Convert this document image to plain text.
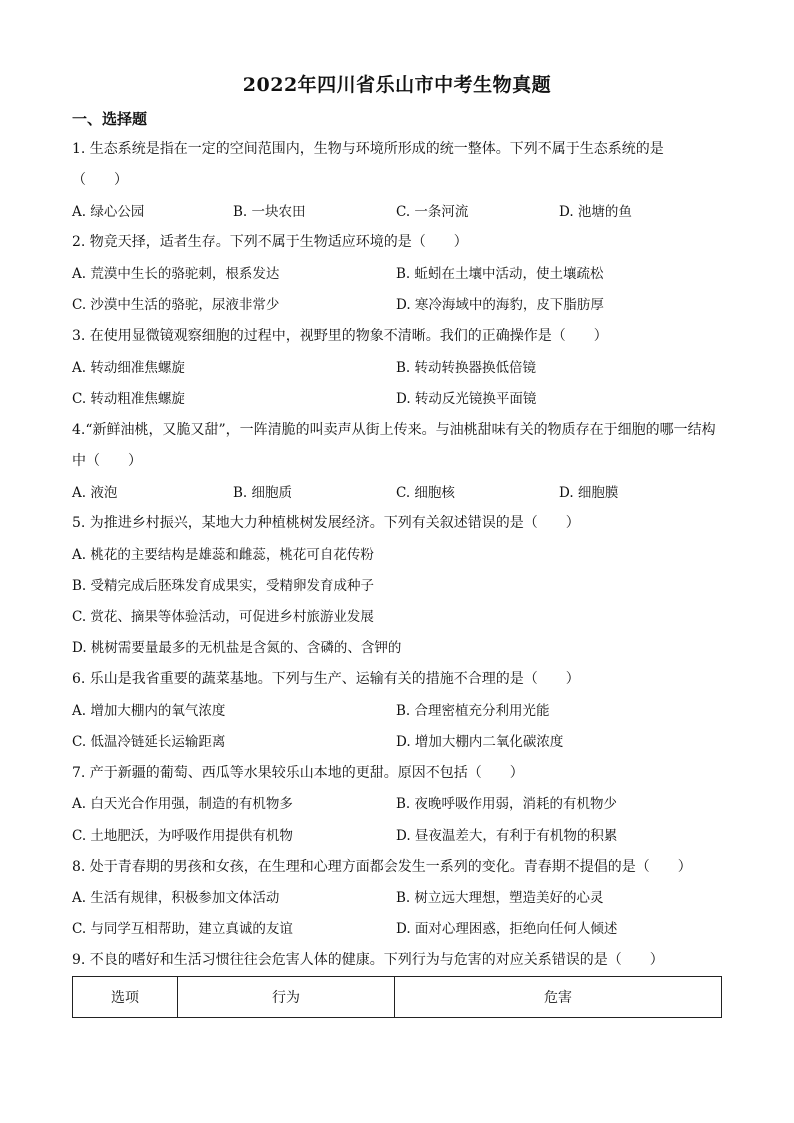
2022年四川省乐山市中考生物真题
一、选择题
1. 生态系统是指在一定的空间范围内，生物与环境所形成的统一整体。下列不属于生态系统的是
（　　）
A. 绿心公园	B. 一块农田	C. 一条河流	D. 池塘的鱼
2. 物竞天择，适者生存。下列不属于生物适应环境的是（　　）
A. 荒漠中生长的骆驼刺，根系发达	B. 蚯蚓在土壤中活动，使土壤疏松
C. 沙漠中生活的骆驼，尿液非常少	D. 寒冷海域中的海豹，皮下脂肪厚
3. 在使用显微镜观察细胞的过程中，视野里的物象不清晰。我们的正确操作是（　　）
A. 转动细准焦螺旋	B. 转动转换器换低倍镜
C. 转动粗准焦螺旋	D. 转动反光镜换平面镜
4.“新鲜油桃，又脆又甜”，一阵清脆的叫卖声从街上传来。与油桃甜味有关的物质存在于细胞的哪一结构
中（　　）
A. 液泡	B. 细胞质	C. 细胞核	D. 细胞膜
5. 为推进乡村振兴，某地大力种植桃树发展经济。下列有关叙述错误的是（　　）
A. 桃花的主要结构是雄蕊和雌蕊，桃花可自花传粉
B. 受精完成后胚珠发育成果实，受精卵发育成种子
C. 赏花、摘果等体验活动，可促进乡村旅游业发展
D. 桃树需要量最多的无机盐是含氮的、含磷的、含钾的
6. 乐山是我省重要的蔬菜基地。下列与生产、运输有关的措施不合理的是（　　）
A. 增加大棚内的氧气浓度	B. 合理密植充分利用光能
C. 低温冷链延长运输距离	D. 增加大棚内二氧化碳浓度
7. 产于新疆的葡萄、西瓜等水果较乐山本地的更甜。原因不包括（　　）
A. 白天光合作用强，制造的有机物多	B. 夜晚呼吸作用弱，消耗的有机物少
C. 土地肥沃，为呼吸作用提供有机物	D. 昼夜温差大，有利于有机物的积累
8. 处于青春期的男孩和女孩，在生理和心理方面都会发生一系列的变化。青春期不提倡的是（　　）
A. 生活有规律，积极参加文体活动	B. 树立远大理想，塑造美好的心灵
C. 与同学互相帮助，建立真诚的友谊	D. 面对心理困惑，拒绝向任何人倾述
9. 不良的嗜好和生活习惯往往会危害人体的健康。下列行为与危害的对应关系错误的是（　　）
选项	行为	危害
